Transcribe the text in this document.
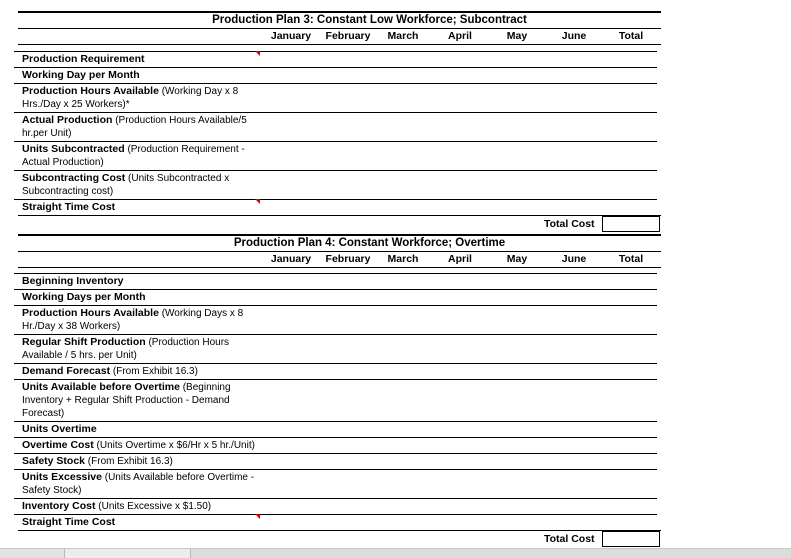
Production Plan 3: Constant Low Workforce; Subcontract
January	February	March	April	May	June	Total
Production Requirement
Working Day per Month
Production Hours Available (Working Day x 8 Hrs./Day x 25 Workers)*
Actual Production (Production Hours Available/5 hr.per Unit)
Units Subcontracted (Production Requirement - Actual Production)
Subcontracting Cost (Units Subcontracted x Subcontracting cost)
Straight Time Cost
Total Cost
Production Plan 4: Constant Workforce; Overtime
January	February	March	April	May	June	Total
Beginning Inventory
Working Days per Month
Production Hours Available (Working Days x 8 Hr./Day x 38 Workers)
Regular Shift Production (Production Hours Available / 5 hrs. per Unit)
Demand Forecast (From Exhibit 16.3)
Units Available before Overtime (Beginning Inventory + Regular Shift Production - Demand Forecast)
Units Overtime
Overtime Cost (Units Overtime x $6/Hr x 5 hr./Unit)
Safety Stock (From Exhibit 16.3)
Units Excessive (Units Available before Overtime - Safety Stock)
Inventory Cost (Units Excessive x $1.50)
Straight Time Cost
Total Cost
